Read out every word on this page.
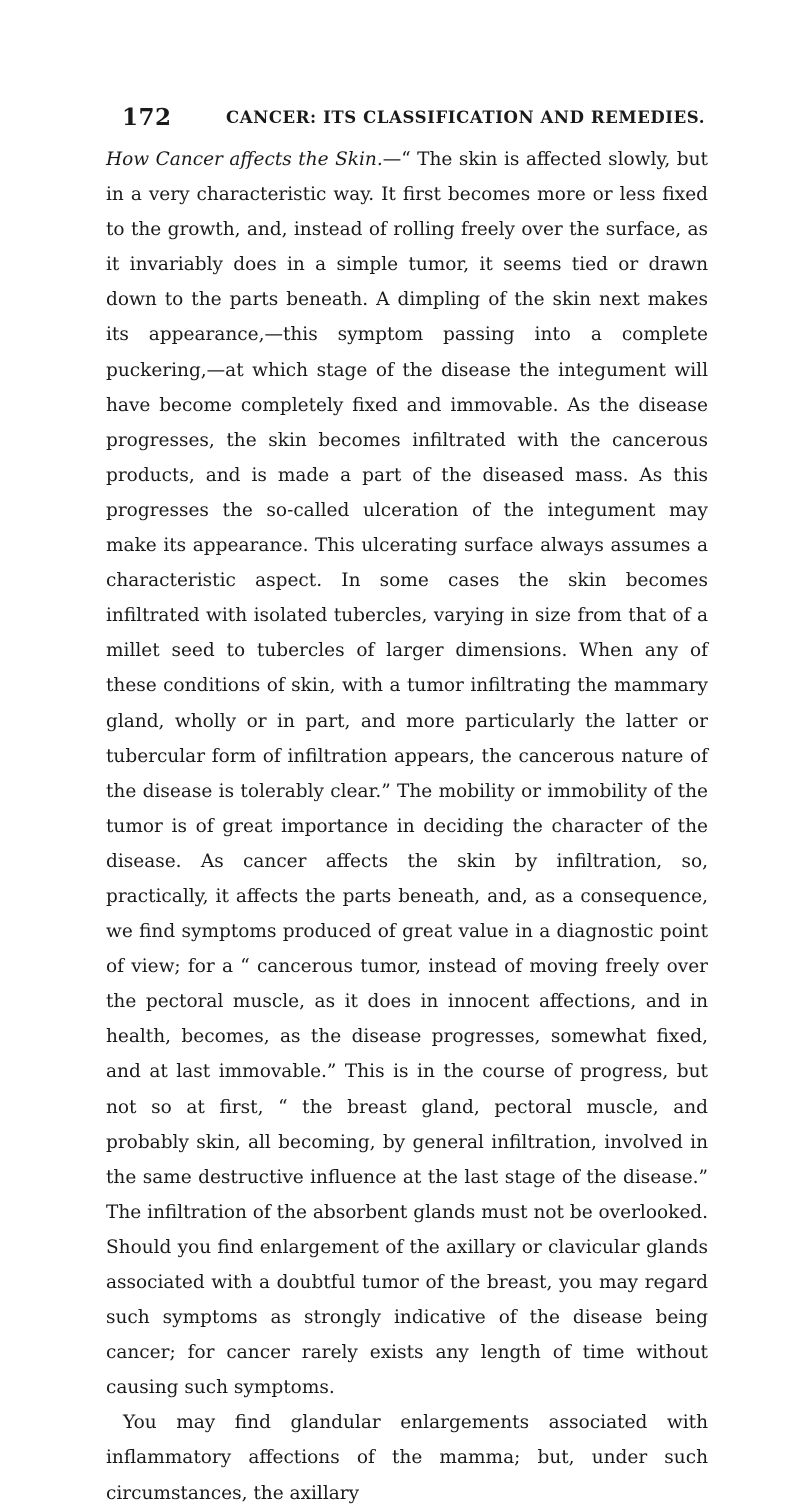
172	CANCER: ITS CLASSIFICATION AND REMEDIES.

How Cancer affects the Skin.—“ The skin is affected slowly, but in a very characteristic way. It first becomes more or less fixed to the growth, and, instead of rolling freely over the surface, as it invariably does in a simple tumor, it seems tied or drawn down to the parts beneath. A dimpling of the skin next makes its appearance,—this symptom passing into a complete puckering,—at which stage of the disease the integument will have become completely fixed and immovable. As the disease progresses, the skin becomes infiltrated with the cancerous products, and is made a part of the diseased mass. As this progresses the so-called ulceration of the integument may make its appearance. This ulcerating surface always assumes a characteristic aspect. In some cases the skin becomes infiltrated with isolated tubercles, varying in size from that of a millet seed to tubercles of larger dimensions. When any of these conditions of skin, with a tumor infiltrating the mammary gland, wholly or in part, and more particularly the latter or tubercular form of infiltration appears, the cancerous nature of the disease is tolerably clear.” The mobility or immobility of the tumor is of great importance in deciding the character of the disease. As cancer affects the skin by infiltration, so, practically, it affects the parts beneath, and, as a consequence, we find symptoms produced of great value in a diagnostic point of view; for a “ cancerous tumor, instead of moving freely over the pectoral muscle, as it does in innocent affections, and in health, becomes, as the disease progresses, somewhat fixed, and at last immovable.” This is in the course of progress, but not so at first, “ the breast gland, pectoral muscle, and probably skin, all becoming, by general infiltration, involved in the same destructive influence at the last stage of the disease.” The infiltration of the absorbent glands must not be overlooked. Should you find enlargement of the axillary or clavicular glands associated with a doubtful tumor of the breast, you may regard such symptoms as strongly indicative of the disease being cancer; for cancer rarely exists any length of time without causing such symptoms.

You may find glandular enlargements associated with inflammatory affections of the mamma; but, under such circumstances, the axillary
